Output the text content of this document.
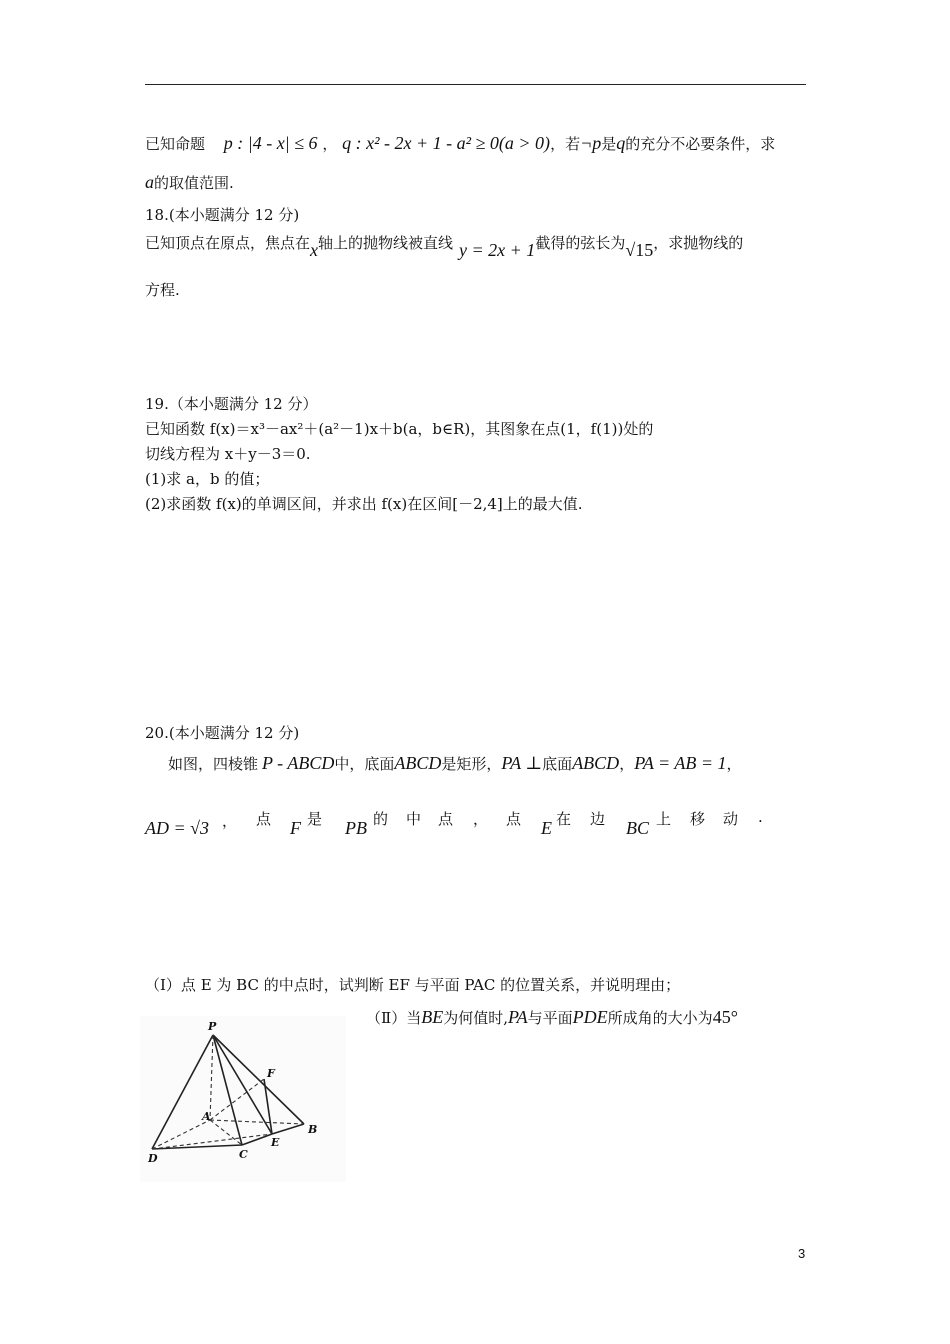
已知命题 p : |4 - x| ≤ 6 ， q : x² - 2x + 1 - a² ≥ 0(a > 0)，若¬p是q的充分不必要条件，求
a的取值范围.
18.(本小题满分 12 分)
已知顶点在原点，焦点在x轴上的抛物线被直线 y = 2x + 1截得的弦长为√15，求抛物线的
方程.
19.（本小题满分 12 分）
已知函数 f(x)＝x³－ax²＋(a²－1)x＋b(a，b∈R)，其图象在点(1，f(1))处的
切线方程为 x＋y－3＝0.
(1)求 a，b 的值；
(2)求函数 f(x)的单调区间，并求出 f(x)在区间[－2,4]上的最大值.
20.(本小题满分 12 分)
如图，四棱锥 P - ABCD中，底面ABCD是矩形，PA ⊥底面ABCD，PA = AB = 1，
AD = √3 ， 点 F 是 PB 的 中 点 ， 点 E 在 边 BC 上 移 动 .
（Ⅰ）点 E 为 BC 的中点时，试判断 EF 与平面 PAC 的位置关系，并说明理由；
（Ⅱ）当BE为何值时,PA与平面PDE所成角的大小为45°
P
F
A
B
E
C
D
3
